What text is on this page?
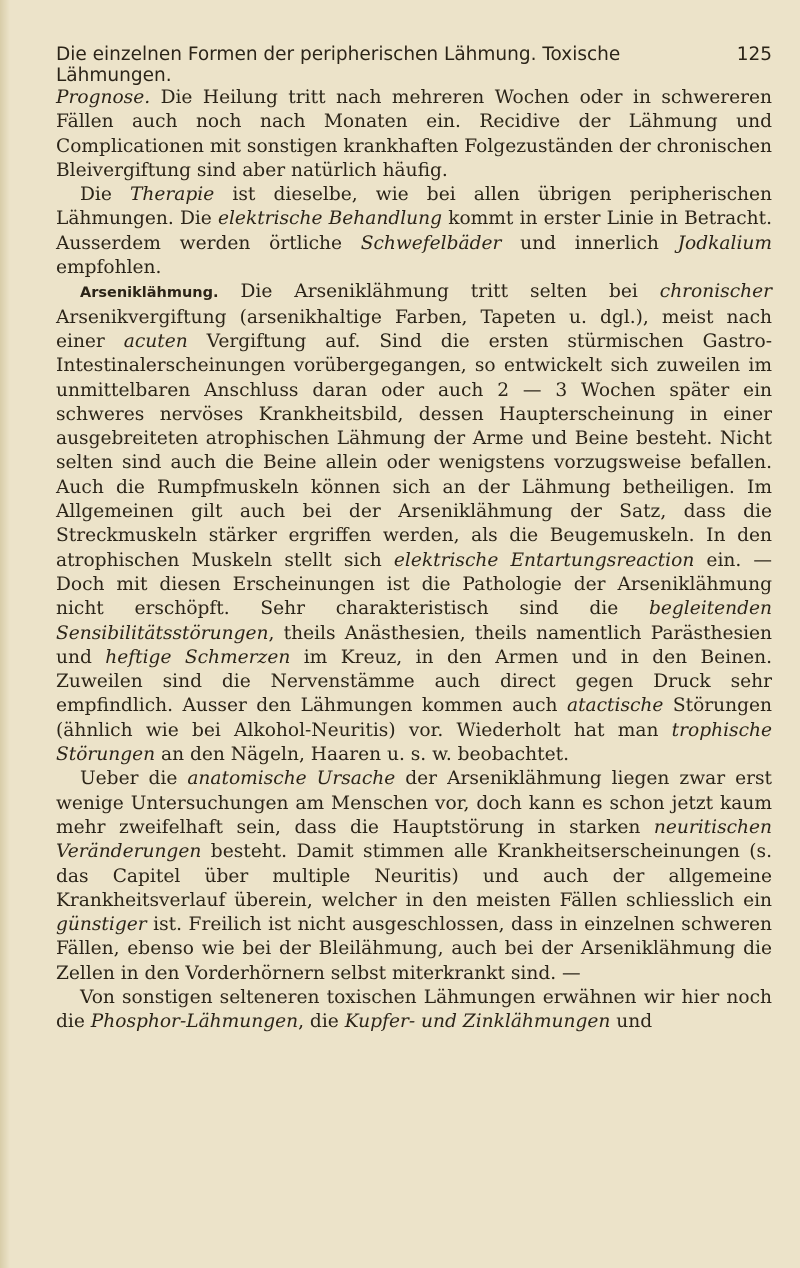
Die einzelnen Formen der peripherischen Lähmung. Toxische Lähmungen.
125

Prognose. Die Heilung tritt nach mehreren Wochen oder in schwereren Fällen auch noch nach Monaten ein. Recidive der Lähmung und Complicationen mit sonstigen krankhaften Folgezuständen der chronischen Bleivergiftung sind aber natürlich häufig.

Die Therapie ist dieselbe, wie bei allen übrigen peripherischen Lähmungen. Die elektrische Behandlung kommt in erster Linie in Betracht. Ausserdem werden örtliche Schwefelbäder und innerlich Jodkalium empfohlen.

Arseniklähmung. Die Arseniklähmung tritt selten bei chronischer Arsenikvergiftung (arsenikhaltige Farben, Tapeten u. dgl.), meist nach einer acuten Vergiftung auf. Sind die ersten stürmischen Gastro-Intestinalerscheinungen vorübergegangen, so entwickelt sich zuweilen im unmittelbaren Anschluss daran oder auch 2 — 3 Wochen später ein schweres nervöses Krankheitsbild, dessen Haupterscheinung in einer ausgebreiteten atrophischen Lähmung der Arme und Beine besteht. Nicht selten sind auch die Beine allein oder wenigstens vorzugsweise befallen. Auch die Rumpfmuskeln können sich an der Lähmung betheiligen. Im Allgemeinen gilt auch bei der Arseniklähmung der Satz, dass die Streckmuskeln stärker ergriffen werden, als die Beugemuskeln. In den atrophischen Muskeln stellt sich elektrische Entartungsreaction ein. — Doch mit diesen Erscheinungen ist die Pathologie der Arseniklähmung nicht erschöpft. Sehr charakteristisch sind die begleitenden Sensibilitätsstörungen, theils Anästhesien, theils namentlich Parästhesien und heftige Schmerzen im Kreuz, in den Armen und in den Beinen. Zuweilen sind die Nervenstämme auch direct gegen Druck sehr empfindlich. Ausser den Lähmungen kommen auch atactische Störungen (ähnlich wie bei Alkohol-Neuritis) vor. Wiederholt hat man trophische Störungen an den Nägeln, Haaren u. s. w. beobachtet.

Ueber die anatomische Ursache der Arseniklähmung liegen zwar erst wenige Untersuchungen am Menschen vor, doch kann es schon jetzt kaum mehr zweifelhaft sein, dass die Hauptstörung in starken neuritischen Veränderungen besteht. Damit stimmen alle Krankheitserscheinungen (s. das Capitel über multiple Neuritis) und auch der allgemeine Krankheitsverlauf überein, welcher in den meisten Fällen schliesslich ein günstiger ist. Freilich ist nicht ausgeschlossen, dass in einzelnen schweren Fällen, ebenso wie bei der Bleilähmung, auch bei der Arseniklähmung die Zellen in den Vorderhörnern selbst miterkrankt sind. —

Von sonstigen selteneren toxischen Lähmungen erwähnen wir hier noch die Phosphor-Lähmungen, die Kupfer- und Zinklähmungen und
